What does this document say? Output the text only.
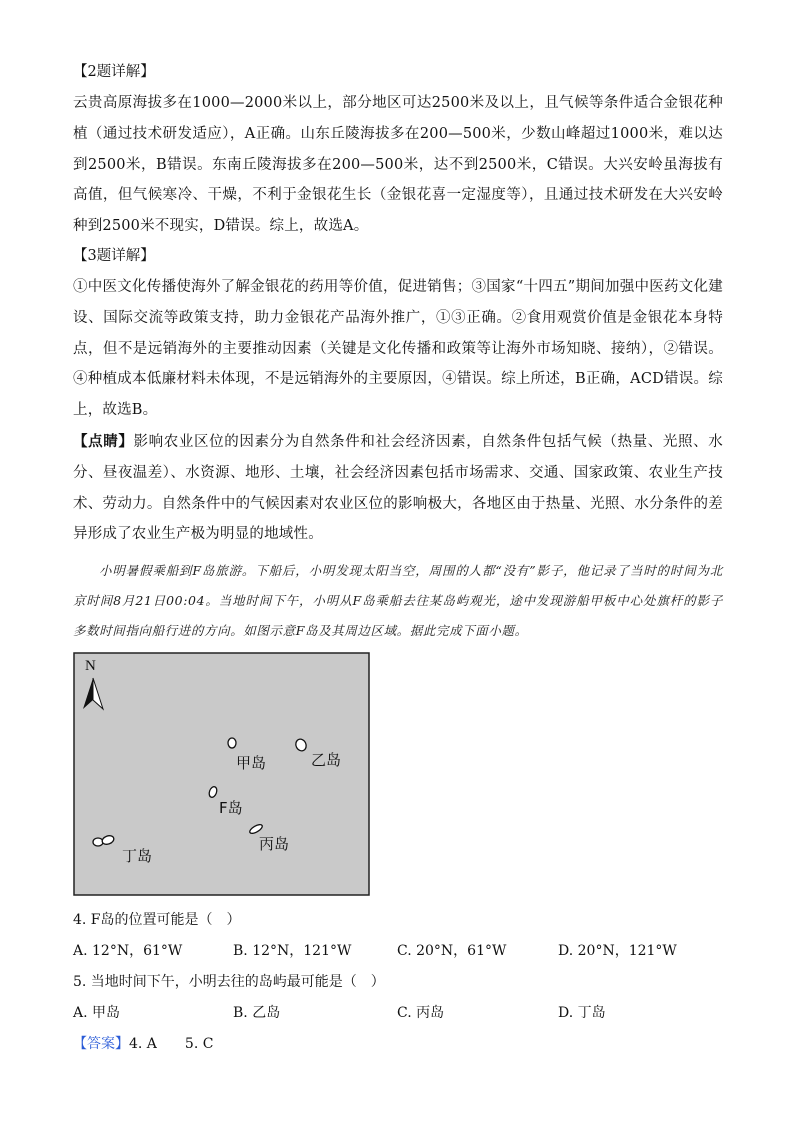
【2题详解】

云贵高原海拔多在1000—2000米以上，部分地区可达2500米及以上，且气候等条件适合金银花种植（通过技术研发适应），A正确。山东丘陵海拔多在200—500米，少数山峰超过1000米，难以达到2500米，B错误。东南丘陵海拔多在200—500米，达不到2500米，C错误。大兴安岭虽海拔有高值，但气候寒冷、干燥，不利于金银花生长（金银花喜一定湿度等），且通过技术研发在大兴安岭种到2500米不现实，D错误。综上，故选A。

【3题详解】

①中医文化传播使海外了解金银花的药用等价值，促进销售；③国家“十四五”期间加强中医药文化建设、国际交流等政策支持，助力金银花产品海外推广，①③正确。②食用观赏价值是金银花本身特点，但不是远销海外的主要推动因素（关键是文化传播和政策等让海外市场知晓、接纳），②错误。④种植成本低廉材料未体现，不是远销海外的主要原因，④错误。综上所述，B正确，ACD错误。综上，故选B。

【点睛】影响农业区位的因素分为自然条件和社会经济因素，自然条件包括气候（热量、光照、水分、昼夜温差）、水资源、地形、土壤，社会经济因素包括市场需求、交通、国家政策、农业生产技术、劳动力。自然条件中的气候因素对农业区位的影响极大，各地区由于热量、光照、水分条件的差异形成了农业生产极为明显的地域性。

小明暑假乘船到F岛旅游。下船后，小明发现太阳当空，周围的人都“没有”影子，他记录了当时的时间为北京时间8月21日00:04。当地时间下午，小明从F岛乘船去往某岛屿观光，途中发现游船甲板中心处旗杆的影子多数时间指向船行进的方向。如图示意F岛及其周边区域。据此完成下面小题。

N
甲岛	乙岛
F岛
丙岛
丁岛

4. F岛的位置可能是（　）

A. 12°N，61°W	B. 12°N，121°W	C. 20°N，61°W	D. 20°N，121°W

5. 当地时间下午，小明去往的岛屿最可能是（　）

A. 甲岛	B. 乙岛	C. 丙岛	D. 丁岛

【答案】4. A　　5. C
